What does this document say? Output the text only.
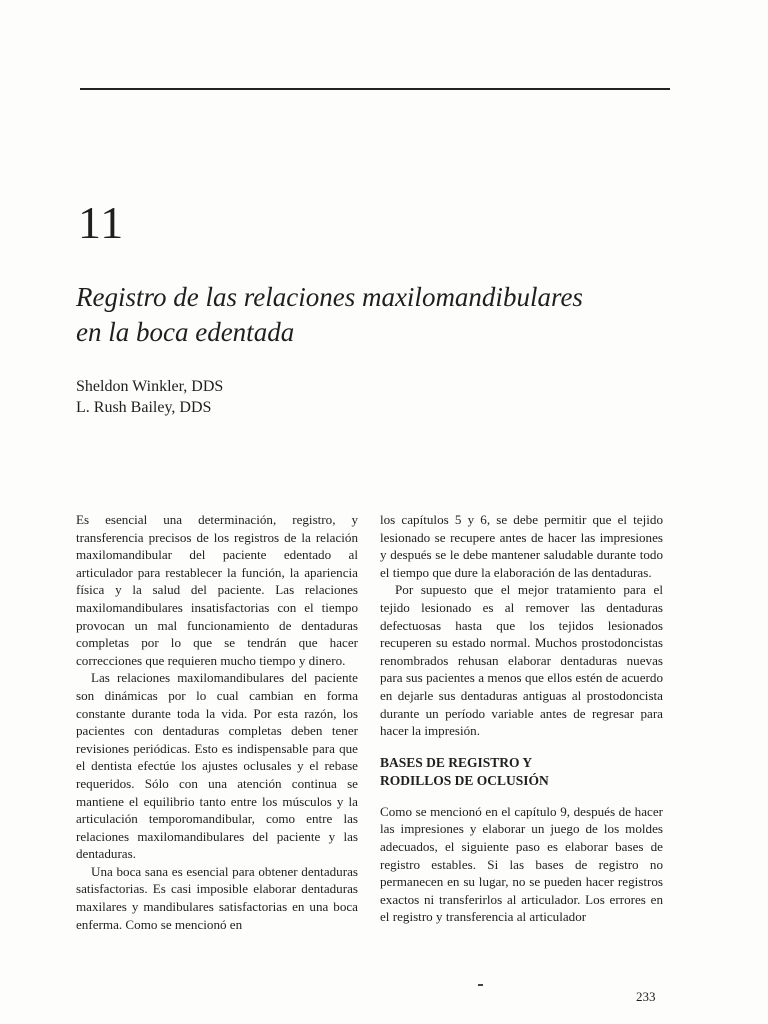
11
Registro de las relaciones maxilomandibulares
en la boca edentada
Sheldon Winkler, DDS
L. Rush Bailey, DDS

Es esencial una determinación, registro, y transferencia precisos de los registros de la relación maxilomandibular del paciente edentado al articulador para restablecer la función, la apariencia física y la salud del paciente. Las relaciones maxilomandibulares insatisfactorias con el tiempo provocan un mal funcionamiento de dentaduras completas por lo que se tendrán que hacer correcciones que requieren mucho tiempo y dinero.

Las relaciones maxilomandibulares del paciente son dinámicas por lo cual cambian en forma constante durante toda la vida. Por esta razón, los pacientes con dentaduras completas deben tener revisiones periódicas. Esto es indispensable para que el dentista efectúe los ajustes oclusales y el rebase requeridos. Sólo con una atención continua se mantiene el equilibrio tanto entre los músculos y la articulación temporomandibular, como entre las relaciones maxilomandibulares del paciente y las dentaduras.

Una boca sana es esencial para obtener dentaduras satisfactorias. Es casi imposible elaborar dentaduras maxilares y mandibulares satisfactorias en una boca enferma. Como se mencionó en

los capítulos 5 y 6, se debe permitir que el tejido lesionado se recupere antes de hacer las impresiones y después se le debe mantener saludable durante todo el tiempo que dure la elaboración de las dentaduras.

Por supuesto que el mejor tratamiento para el tejido lesionado es al remover las dentaduras defectuosas hasta que los tejidos lesionados recuperen su estado normal. Muchos prostodoncistas renombrados rehusan elaborar dentaduras nuevas para sus pacientes a menos que ellos estén de acuerdo en dejarle sus dentaduras antiguas al prostodoncista durante un período variable antes de regresar para hacer la impresión.

BASES DE REGISTRO Y
RODILLOS DE OCLUSIÓN

Como se mencionó en el capítulo 9, después de hacer las impresiones y elaborar un juego de los moldes adecuados, el siguiente paso es elaborar bases de registro estables. Si las bases de registro no permanecen en su lugar, no se pueden hacer registros exactos ni transferirlos al articulador. Los errores en el registro y transferencia al articulador

233
